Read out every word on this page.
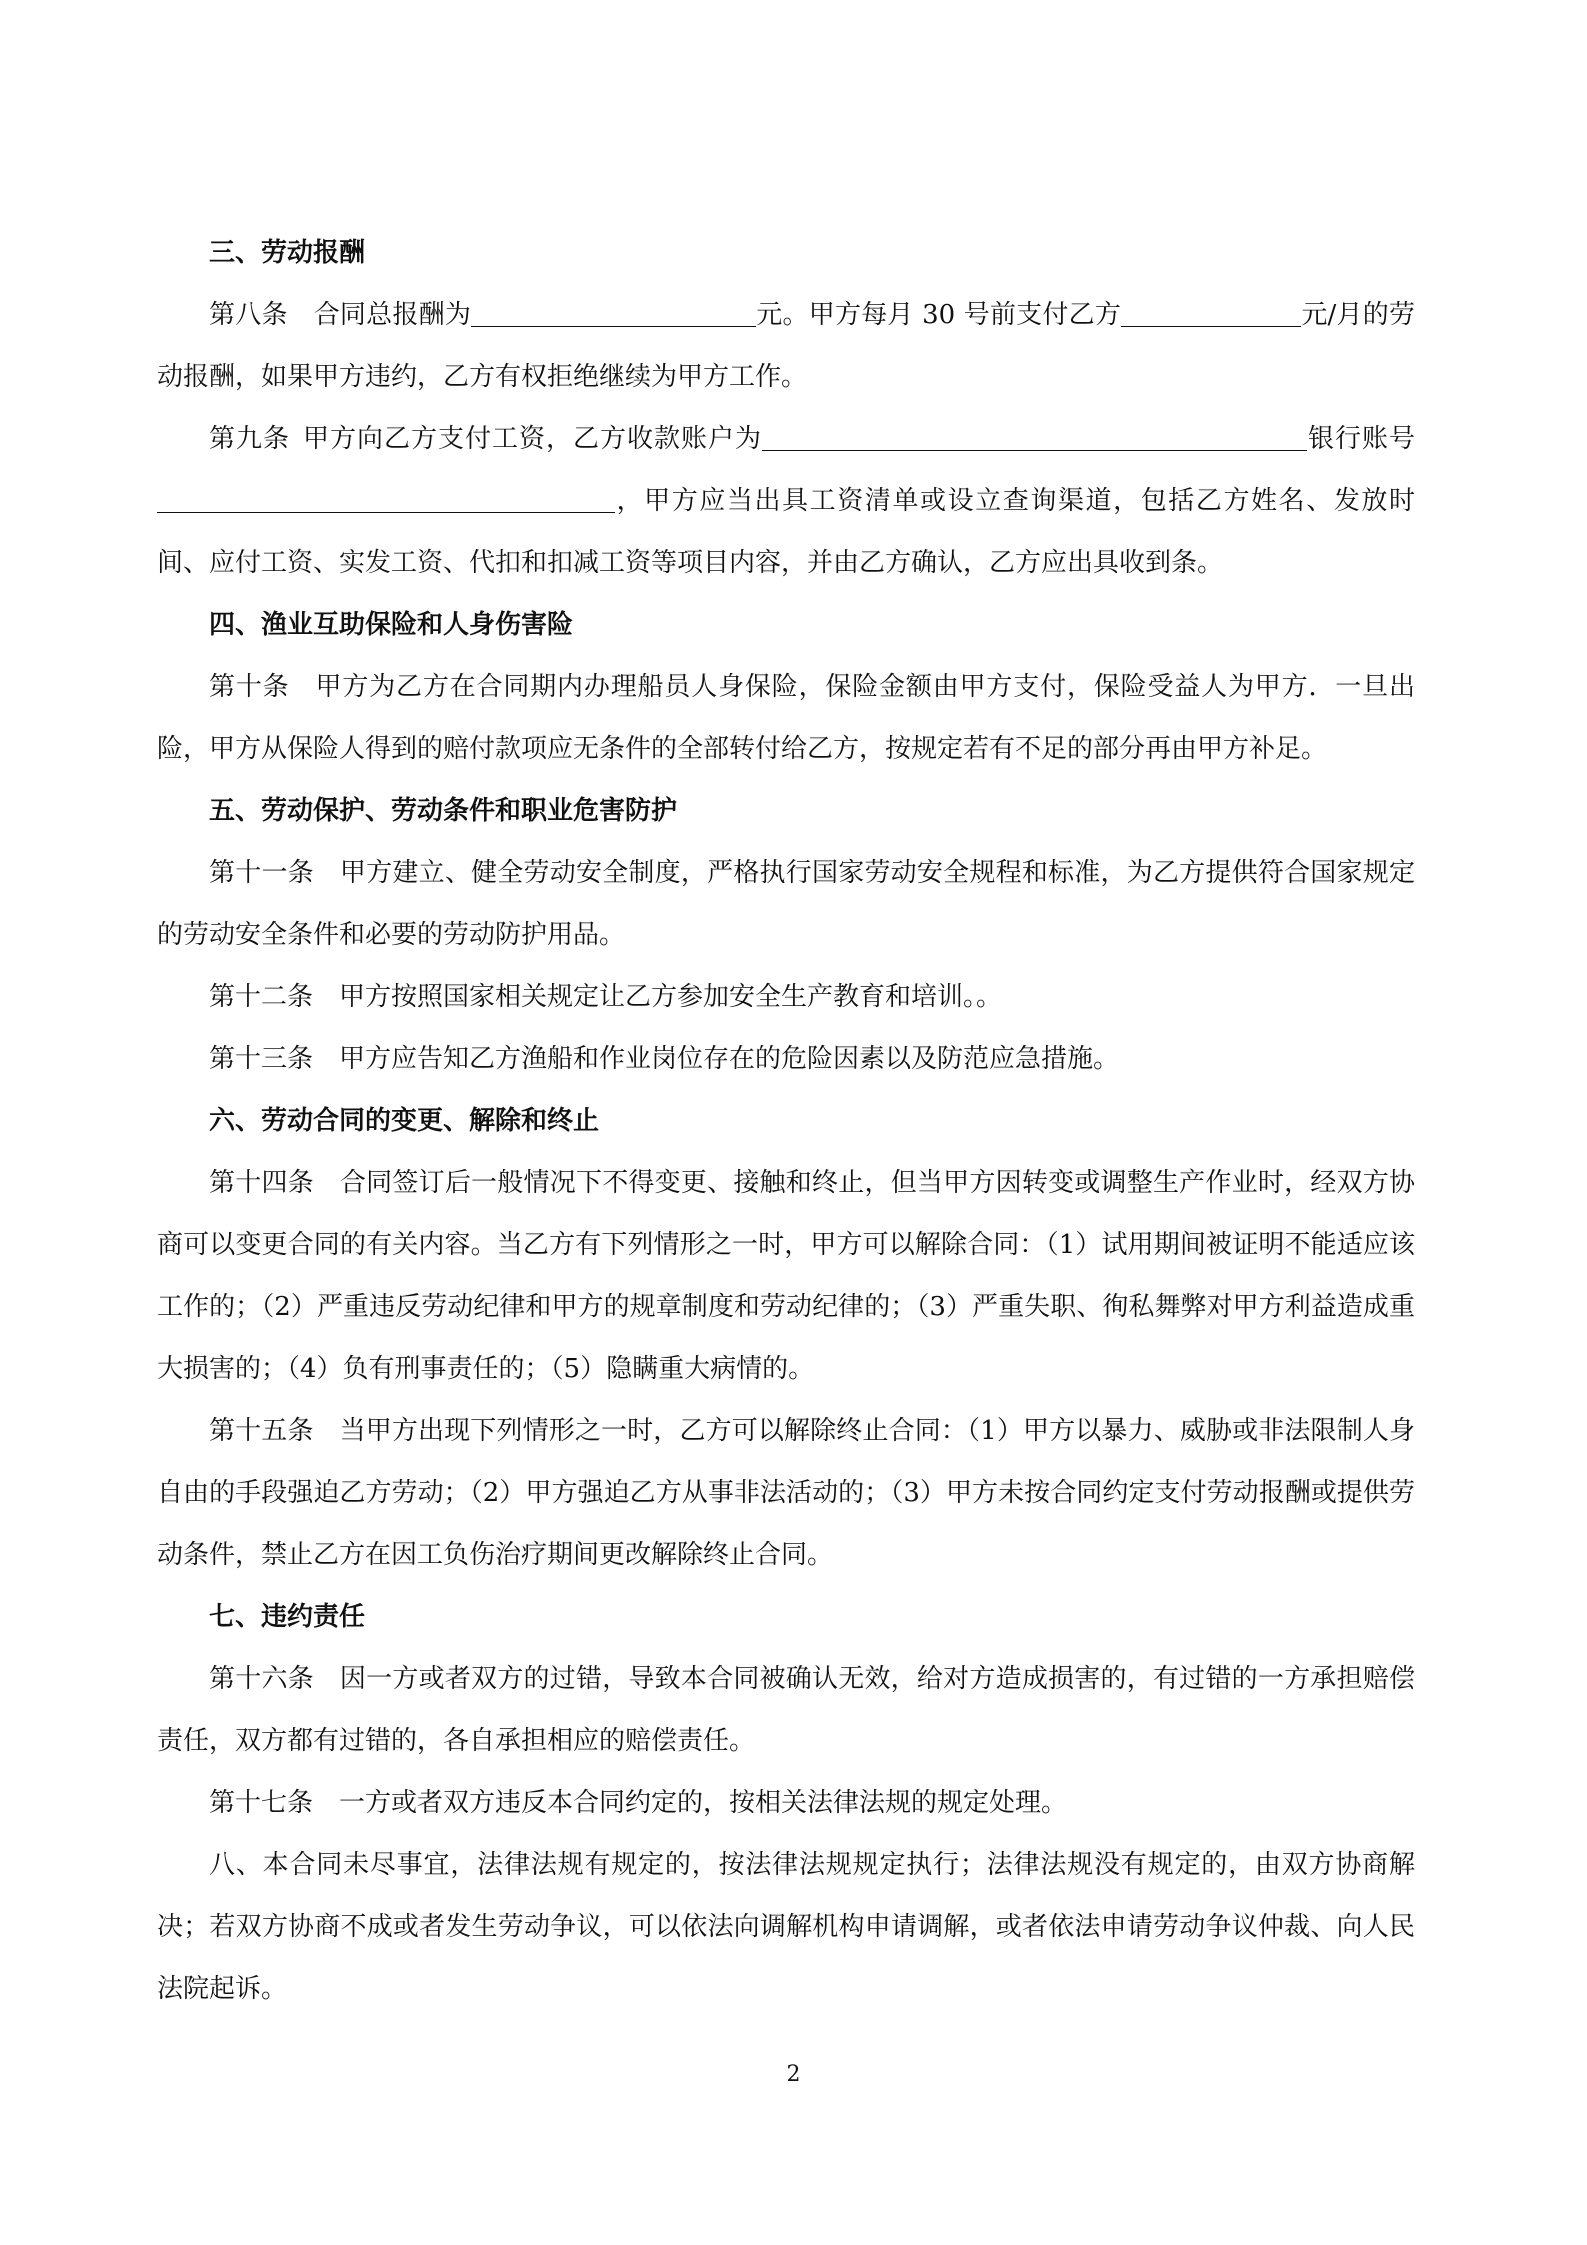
三、劳动报酬

第八条 合同总报酬为	元。甲方每月 30 号前支付乙方	元/月的劳动报酬，如果甲方违约，乙方有权拒绝继续为甲方工作。

第九条 甲方向乙方支付工资，乙方收款账户为	银行账号，甲方应当出具工资清单或设立查询渠道，包括乙方姓名、发放时间、应付工资、实发工资、代扣和扣减工资等项目内容，并由乙方确认，乙方应出具收到条。

四、渔业互助保险和人身伤害险

第十条 甲方为乙方在合同期内办理船员人身保险，保险金额由甲方支付，保险受益人为甲方．一旦出险，甲方从保险人得到的赔付款项应无条件的全部转付给乙方，按规定若有不足的部分再由甲方补足。

五、劳动保护、劳动条件和职业危害防护

第十一条 甲方建立、健全劳动安全制度，严格执行国家劳动安全规程和标准，为乙方提供符合国家规定的劳动安全条件和必要的劳动防护用品。

第十二条 甲方按照国家相关规定让乙方参加安全生产教育和培训。。

第十三条 甲方应告知乙方渔船和作业岗位存在的危险因素以及防范应急措施。

六、劳动合同的变更、解除和终止

第十四条 合同签订后一般情况下不得变更、接触和终止，但当甲方因转变或调整生产作业时，经双方协商可以变更合同的有关内容。当乙方有下列情形之一时，甲方可以解除合同：（1）试用期间被证明不能适应该工作的；（2）严重违反劳动纪律和甲方的规章制度和劳动纪律的；（3）严重失职、徇私舞弊对甲方利益造成重大损害的；（4）负有刑事责任的；（5）隐瞒重大病情的。

第十五条 当甲方出现下列情形之一时，乙方可以解除终止合同：（1）甲方以暴力、威胁或非法限制人身自由的手段强迫乙方劳动；（2）甲方强迫乙方从事非法活动的；（3）甲方未按合同约定支付劳动报酬或提供劳动条件，禁止乙方在因工负伤治疗期间更改解除终止合同。

七、违约责任

第十六条 因一方或者双方的过错，导致本合同被确认无效，给对方造成损害的，有过错的一方承担赔偿责任，双方都有过错的，各自承担相应的赔偿责任。

第十七条 一方或者双方违反本合同约定的，按相关法律法规的规定处理。

八、本合同未尽事宜，法律法规有规定的，按法律法规规定执行；法律法规没有规定的，由双方协商解决；若双方协商不成或者发生劳动争议，可以依法向调解机构申请调解，或者依法申请劳动争议仲裁、向人民法院起诉。

2
